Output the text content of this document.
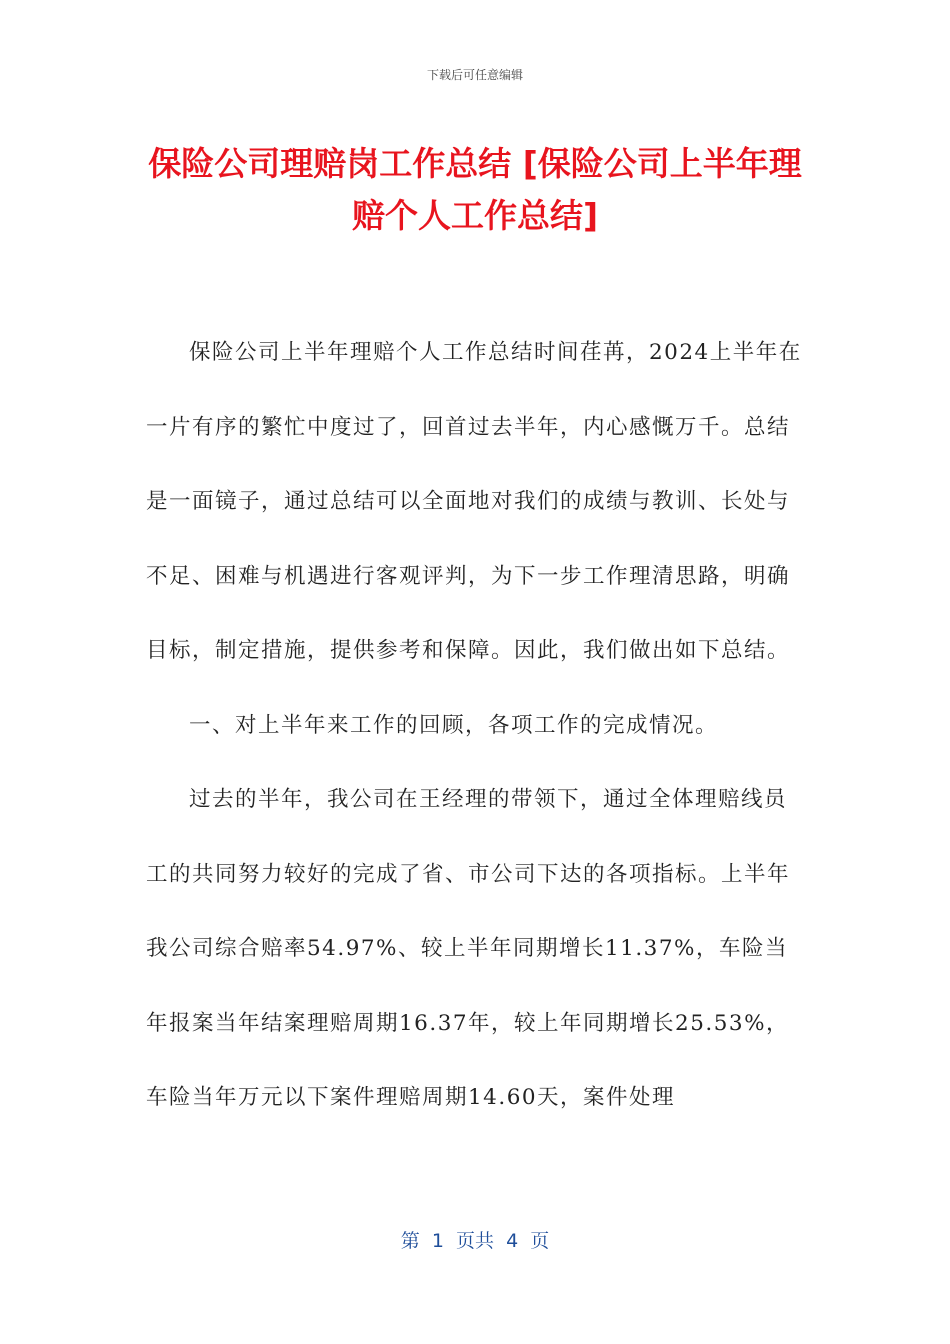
下载后可任意编辑
保险公司理赔岗工作总结 [保险公司上半年理赔个人工作总结]

保险公司上半年理赔个人工作总结时间荏苒，2024上半年在一片有序的繁忙中度过了，回首过去半年，内心感慨万千。总结是一面镜子，通过总结可以全面地对我们的成绩与教训、长处与不足、困难与机遇进行客观评判，为下一步工作理清思路，明确目标，制定措施，提供参考和保障。因此，我们做出如下总结。

一、对上半年来工作的回顾，各项工作的完成情况。

过去的半年，我公司在王经理的带领下，通过全体理赔线员工的共同努力较好的完成了省、市公司下达的各项指标。上半年我公司综合赔率54.97%、较上半年同期增长11.37%，车险当年报案当年结案理赔周期16.37年，较上年同期增长25.53%，车险当年万元以下案件理赔周期14.60天，案件处理

第  1  页共  4  页
